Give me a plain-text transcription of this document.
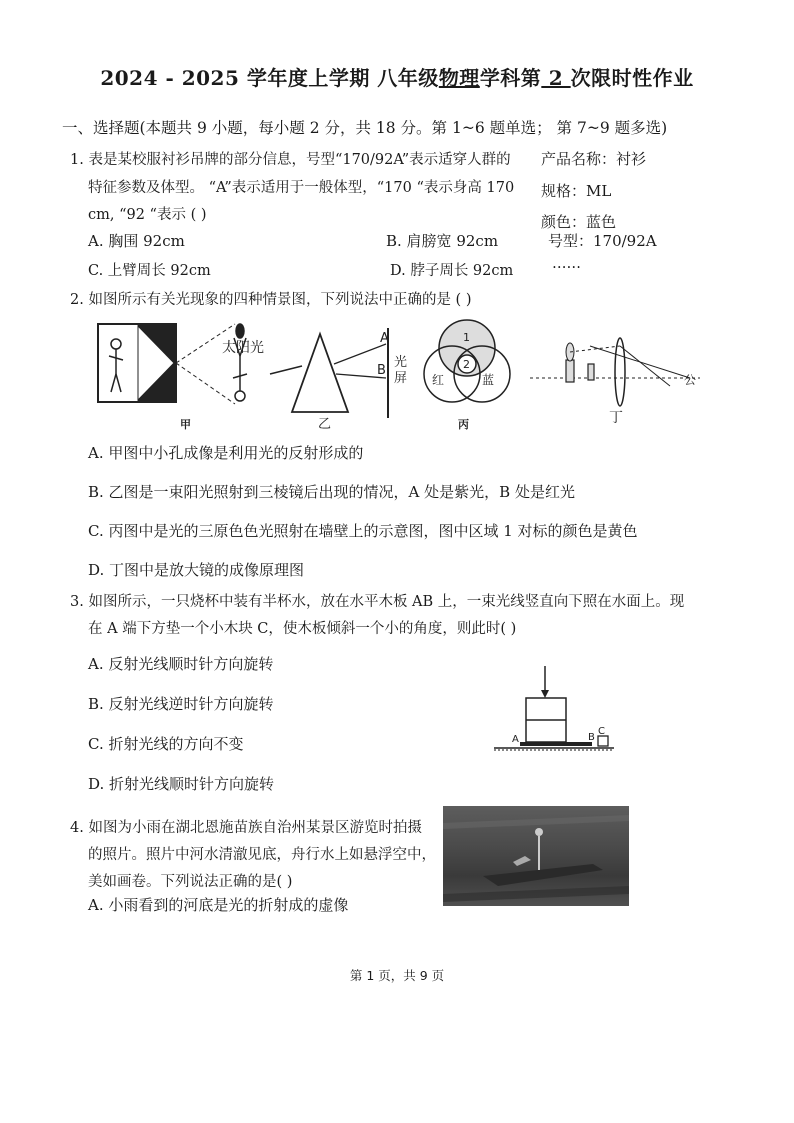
2024 - 2025 学年度上学期 八年级物理学科第 2 次限时性作业
一、选择题(本题共 9 小题，每小题 2 分，共 18 分。第 1~6 题单选； 第 7~9 题多选)
1. 表是某校服衬衫吊牌的部分信息，号型“170/92A”表示适穿人群的
特征参数及体型。 “A”表示适用于一般体型，“170 “表示身高 170
cm, “92 “表示 ( )
A. 胸围 92cm	B. 肩膀宽 92cm
C. 上臂周长 92cm	D. 脖子周长 92cm
产品名称：衬衫
规格：ML
颜色：蓝色
号型：170/92A
……
2. 如图所示有关光现象的四种情景图，下列说法中正确的是 ( )
太阳光
A
B
光
屏
1
2
红	蓝	公
甲	乙	丙	丁
A. 甲图中小孔成像是利用光的反射形成的
B. 乙图是一束阳光照射到三棱镜后出现的情况，A 处是紫光，B 处是红光
C. 丙图中是光的三原色色光照射在墙壁上的示意图，图中区域 1 对标的颜色是黄色
D. 丁图中是放大镜的成像原理图
3. 如图所示，一只烧杯中装有半杯水，放在水平木板 AB 上，一束光线竖直向下照在水面上。现
在 A 端下方垫一个小木块 C，使木板倾斜一个小的角度，则此时( )
A. 反射光线顺时针方向旋转
B. 反射光线逆时针方向旋转
C. 折射光线的方向不变
D. 折射光线顺时针方向旋转
A	B
C
4. 如图为小雨在湖北恩施苗族自治州某景区游览时拍摄
的照片。照片中河水清澈见底，舟行水上如悬浮空中，
美如画卷。下列说法正确的是( )
A. 小雨看到的河底是光的折射成的虚像
第 1 页，共 9 页
